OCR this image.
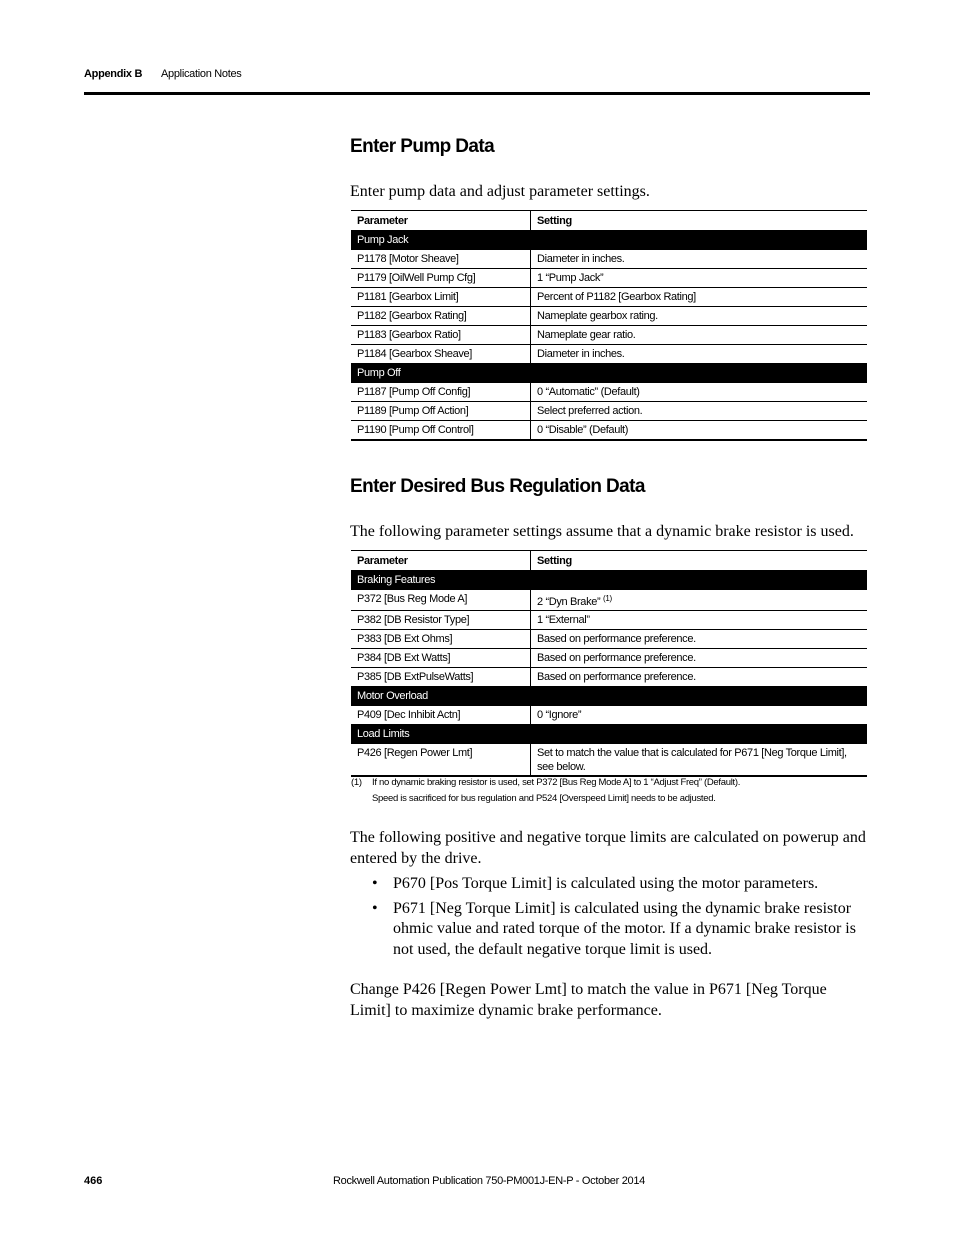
Appendix B Application Notes
Enter Pump Data

Enter pump data and adjust parameter settings.

Parameter	Setting
Pump Jack	
P1178 [Motor Sheave]	Diameter in inches.
P1179 [OilWell Pump Cfg]	1 “Pump Jack”
P1181 [Gearbox Limit]	Percent of P1182 [Gearbox Rating]
P1182 [Gearbox Rating]	Nameplate gearbox rating.
P1183 [Gearbox Ratio]	Nameplate gear ratio.
P1184 [Gearbox Sheave]	Diameter in inches.
Pump Off	
P1187 [Pump Off Config]	0 “Automatic” (Default)
P1189 [Pump Off Action]	Select preferred action.
P1190 [Pump Off Control]	0 “Disable” (Default)
Enter Desired Bus Regulation Data

The following parameter settings assume that a dynamic brake resistor is used.

Parameter	Setting
Braking Features	
P372 [Bus Reg Mode A]	2 “Dyn Brake” $^{(1)}$
P382 [DB Resistor Type]	1 “External”
P383 [DB Ext Ohms]	Based on performance preference.
P384 [DB Ext Watts]	Based on performance preference.
P385 [DB ExtPulseWatts]	Based on performance preference.
Motor Overload	
P409 [Dec Inhibit Actn]	0 “Ignore”
Load Limits	
P426 [Regen Power Lmt]	Set to match the value that is calculated for P671 [Neg Torque Limit], see below.
(1) If no dynamic braking resistor is used, set P372 [Bus Reg Mode A] to 1 “Adjust Freq” (Default).
Speed is sacrificed for bus regulation and P524 [Overspeed Limit] needs to be adjusted.

The following positive and negative torque limits are calculated on powerup and entered by the drive.

• P670 [Pos Torque Limit] is calculated using the motor parameters.
• P671 [Neg Torque Limit] is calculated using the dynamic brake resistor ohmic value and rated torque of the motor. If a dynamic brake resistor is not used, the default negative torque limit is used.

Change P426 [Regen Power Lmt] to match the value in P671 [Neg Torque Limit] to maximize dynamic brake performance.

466	Rockwell Automation Publication 750-PM001J-EN-P - October 2014
